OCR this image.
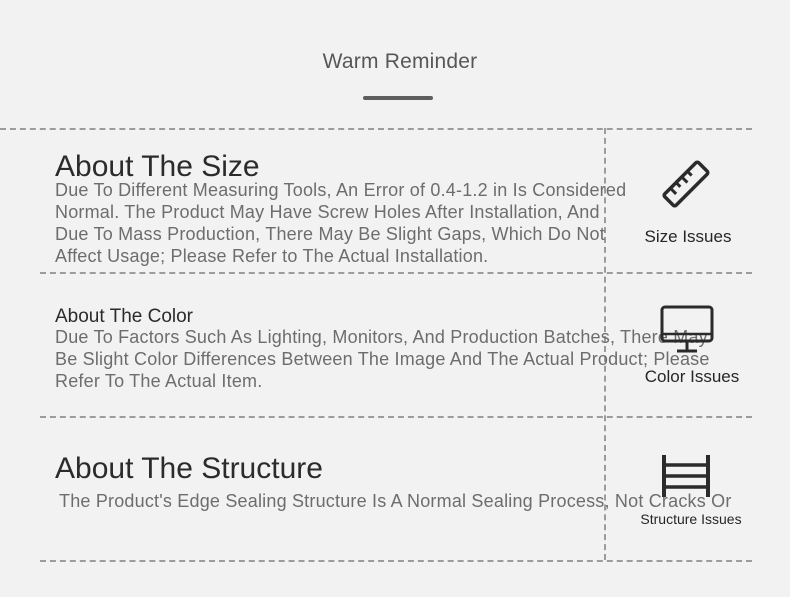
Warm Reminder
About The Size
Due To Different Measuring Tools, An Error of 0.4-1.2 in Is Considered
Normal. The Product May Have Screw Holes After Installation, And
Due To Mass Production, There May Be Slight Gaps, Which Do Not
Affect Usage; Please Refer to The Actual Installation.
Size Issues
About The Color
Due To Factors Such As Lighting, Monitors, And Production Batches, There May
Be Slight Color Differences Between The Image And The Actual Product; Please
Refer To The Actual Item.	Color Issues
About The Structure
The Product's Edge Sealing Structure Is A Normal Sealing Process, Not Cracks Or
Structure Issues
